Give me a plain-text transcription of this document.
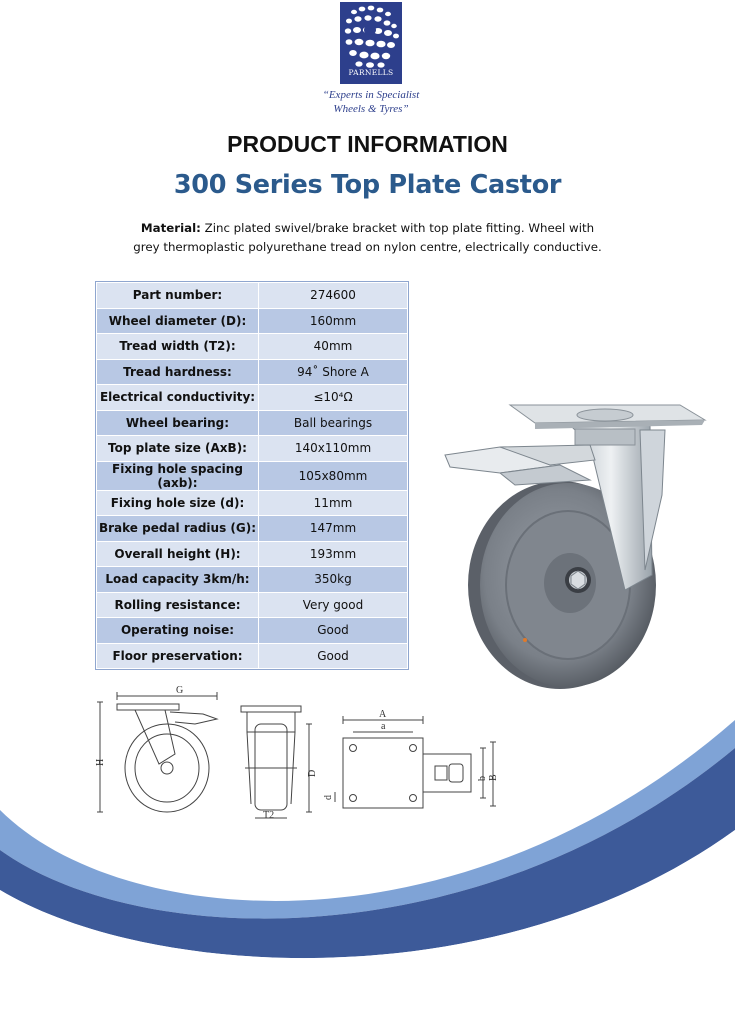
PARNELLS
“Experts in Specialist
Wheels & Tyres”
PRODUCT INFORMATION
300 Series Top Plate Castor
Material: Zinc plated swivel/brake bracket with top plate fitting. Wheel with
grey thermoplastic polyurethane tread on nylon centre, electrically conductive.
Part number:	274600
Wheel diameter (D):	160mm
Tread width (T2):	40mm
Tread hardness:	94˚ Shore A
Electrical conductivity:	≤10⁴Ω
Wheel bearing:	Ball bearings
Top plate size (AxB):	140x110mm
Fixing hole spacing (axb):	105x80mm
Fixing hole size (d):	11mm
Brake pedal radius (G):	147mm
Overall height (H):	193mm
Load capacity 3km/h:	350kg
Rolling resistance:	Very good
Operating noise:	Good
Floor preservation:	Good
G
H
D
T2
A
a
b B
d
